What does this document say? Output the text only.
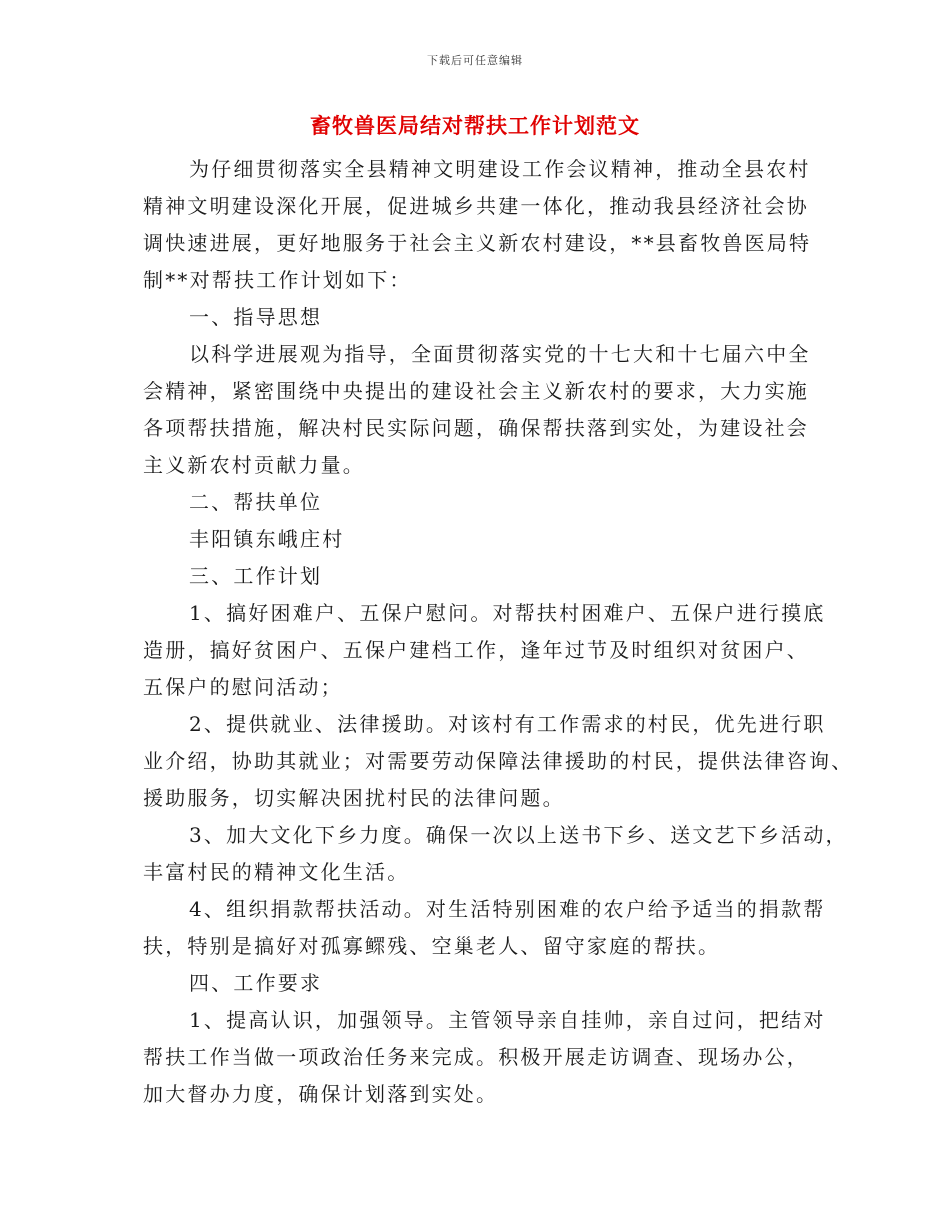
下载后可任意编辑
畜牧兽医局结对帮扶工作计划范文
为仔细贯彻落实全县精神文明建设工作会议精神，推动全县农村
精神文明建设深化开展，促进城乡共建一体化，推动我县经济社会协
调快速进展，更好地服务于社会主义新农村建设，**县畜牧兽医局特
制**对帮扶工作计划如下：
一、指导思想
以科学进展观为指导，全面贯彻落实党的十七大和十七届六中全
会精神，紧密围绕中央提出的建设社会主义新农村的要求，大力实施
各项帮扶措施，解决村民实际问题，确保帮扶落到实处，为建设社会
主义新农村贡献力量。
二、帮扶单位
丰阳镇东峨庄村
三、工作计划
1、搞好困难户、五保户慰问。对帮扶村困难户、五保户进行摸底
造册，搞好贫困户、五保户建档工作，逢年过节及时组织对贫困户、
五保户的慰问活动；
2、提供就业、法律援助。对该村有工作需求的村民，优先进行职
业介绍，协助其就业；对需要劳动保障法律援助的村民，提供法律咨询、
援助服务，切实解决困扰村民的法律问题。
3、加大文化下乡力度。确保一次以上送书下乡、送文艺下乡活动，
丰富村民的精神文化生活。
4、组织捐款帮扶活动。对生活特别困难的农户给予适当的捐款帮
扶，特别是搞好对孤寡鳏残、空巢老人、留守家庭的帮扶。
四、工作要求
1、提高认识，加强领导。主管领导亲自挂帅，亲自过问，把结对
帮扶工作当做一项政治任务来完成。积极开展走访调查、现场办公，
加大督办力度，确保计划落到实处。
